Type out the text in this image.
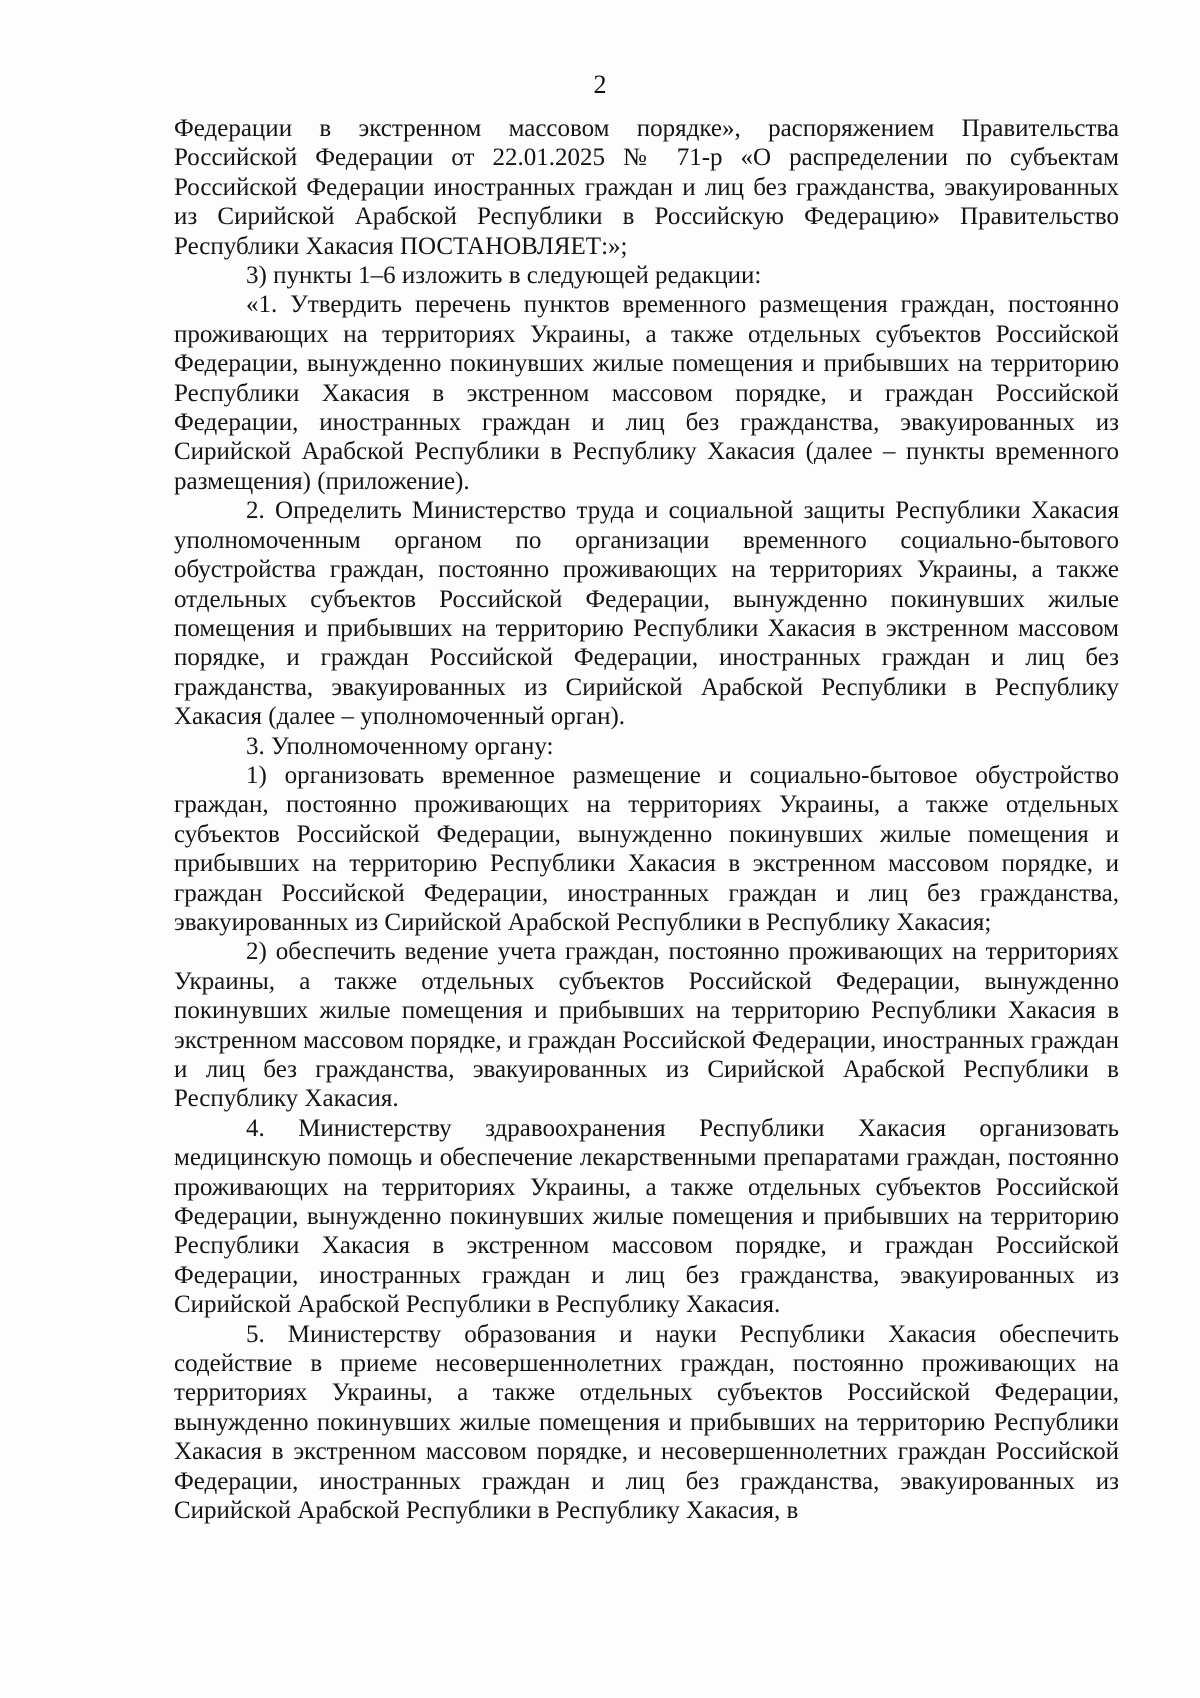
2

Федерации в экстренном массовом порядке», распоряжением Правительства Российской Федерации от 22.01.2025 № 71-р «О распределении по субъектам Российской Федерации иностранных граждан и лиц без гражданства, эвакуированных из Сирийской Арабской Республики в Российскую Федерацию» Правительство Республики Хакасия ПОСТАНОВЛЯЕТ:»;

3) пункты 1–6 изложить в следующей редакции:

«1. Утвердить перечень пунктов временного размещения граждан, постоянно проживающих на территориях Украины, а также отдельных субъектов Российской Федерации, вынужденно покинувших жилые помещения и прибывших на территорию Республики Хакасия в экстренном массовом порядке, и граждан Российской Федерации, иностранных граждан и лиц без гражданства, эвакуированных из Сирийской Арабской Республики в Республику Хакасия (далее – пункты временного размещения) (приложение).

2. Определить Министерство труда и социальной защиты Республики Хакасия уполномоченным органом по организации временного социально-бытового обустройства граждан, постоянно проживающих на территориях Украины, а также отдельных субъектов Российской Федерации, вынужденно покинувших жилые помещения и прибывших на территорию Республики Хакасия в экстренном массовом порядке, и граждан Российской Федерации, иностранных граждан и лиц без гражданства, эвакуированных из Сирийской Арабской Республики в Республику Хакасия (далее – уполномоченный орган).

3. Уполномоченному органу:

1) организовать временное размещение и социально-бытовое обустройство граждан, постоянно проживающих на территориях Украины, а также отдельных субъектов Российской Федерации, вынужденно покинувших жилые помещения и прибывших на территорию Республики Хакасия в экстренном массовом порядке, и граждан Российской Федерации, иностранных граждан и лиц без гражданства, эвакуированных из Сирийской Арабской Республики в Республику Хакасия;

2) обеспечить ведение учета граждан, постоянно проживающих на территориях Украины, а также отдельных субъектов Российской Федерации, вынужденно покинувших жилые помещения и прибывших на территорию Республики Хакасия в экстренном массовом порядке, и граждан Российской Федерации, иностранных граждан и лиц без гражданства, эвакуированных из Сирийской Арабской Республики в Республику Хакасия.

4. Министерству здравоохранения Республики Хакасия организовать медицинскую помощь и обеспечение лекарственными препаратами граждан, постоянно проживающих на территориях Украины, а также отдельных субъектов Российской Федерации, вынужденно покинувших жилые помещения и прибывших на территорию Республики Хакасия в экстренном массовом порядке, и граждан Российской Федерации, иностранных граждан и лиц без гражданства, эвакуированных из Сирийской Арабской Республики в Республику Хакасия.

5. Министерству образования и науки Республики Хакасия обеспечить содействие в приеме несовершеннолетних граждан, постоянно проживающих на территориях Украины, а также отдельных субъектов Российской Федерации, вынужденно покинувших жилые помещения и прибывших на территорию Республики Хакасия в экстренном массовом порядке, и несовершеннолетних граждан Российской Федерации, иностранных граждан и лиц без гражданства, эвакуированных из Сирийской Арабской Республики в Республику Хакасия, в
